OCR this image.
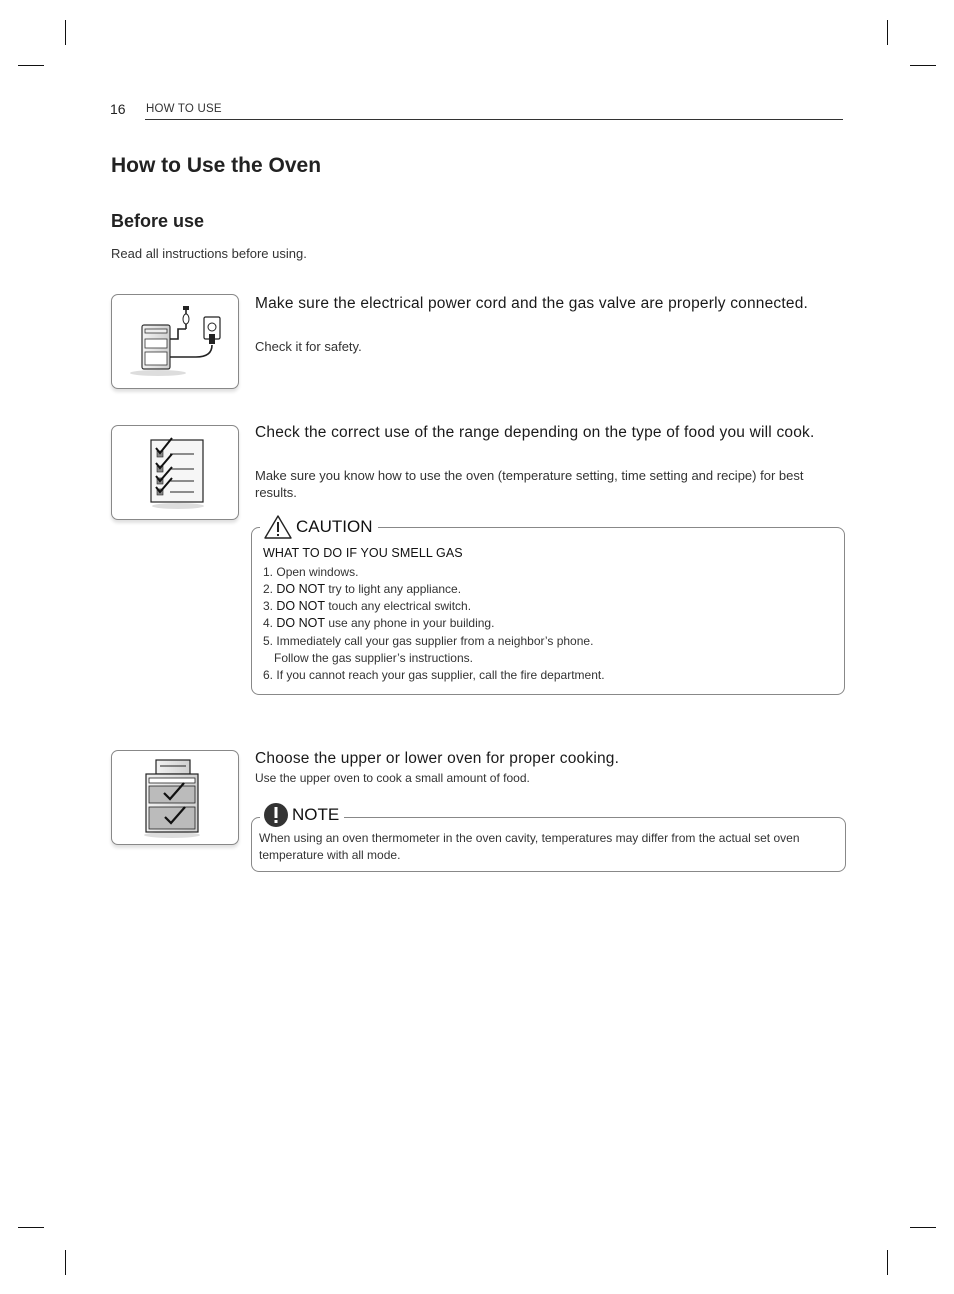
16 HOW TO USE
How to Use the Oven
Before use
Read all instructions before using.
Make sure the electrical power cord and the gas valve are properly connected.
Check it for safety.
Check the correct use of the range depending on the type of food you will cook.
Make sure you know how to use the oven (temperature setting, time setting and recipe) for best results.
CAUTION
WHAT TO DO IF YOU SMELL GAS
1. Open windows.
2. DO NOT try to light any appliance.
3. DO NOT touch any electrical switch.
4. DO NOT use any phone in your building.
5. Immediately call your gas supplier from a neighbor’s phone.
Follow the gas supplier’s instructions.
6. If you cannot reach your gas supplier, call the fire department.
Choose the upper or lower oven for proper cooking.
Use the upper oven to cook a small amount of food.
NOTE
When using an oven thermometer in the oven cavity, temperatures may differ from the actual set oven temperature with all mode.
